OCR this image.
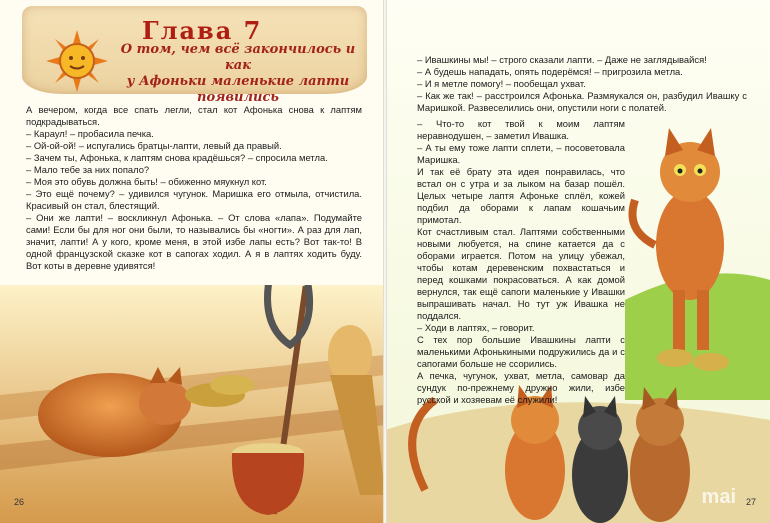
Глава 7
О том, чем всё закончилось и как
у Афоньки маленькие лапти
появились

А вечером, когда все спать легли, стал кот Афонька снова к лаптям подкрадываться.

– Караул! – пробасила печка.

– Ой-ой-ой! – испугались братцы-лапти, левый да правый.

– Зачем ты, Афонька, к лаптям снова крадёшься? – спросила метла.

– Мало тебе за них попало?

– Моя это обувь должна быть! – обиженно мяукнул кот.

– Это ещё почему? – удивился чугунок. Маришка его отмыла, отчистила. Красивый он стал, блестящий.

– Они же лапти! – воскликнул Афонька. – От слова «лапа». Подумайте сами! Если бы для ног они были, то назывались бы «ногти». А раз для лап, значит, лапти! А у кого, кроме меня, в этой избе лапы есть? Вот так-то! В одной французской сказке кот в сапогах ходил. А я в лаптях ходить буду. Вот коты в деревне удивятся!

26

– Ивашкины мы! – строго сказали лапти. – Даже не заглядывайся!

– А будешь нападать, опять подерёмся! – пригрозила метла.

– И я метле помогу! – пообещал ухват.

– Как же так! – расстроился Афонька. Размяукался он, разбудил Ивашку с Маришкой. Развеселились они, опустили ноги с полатей.

– Что-то кот твой к моим лаптям неравнодушен, – заметил Ивашка.

– А ты ему тоже лапти сплети, – посоветовала Маришка.

И так её брату эта идея понравилась, что встал он с утра и за лыком на базар пошёл. Целых четыре лаптя Афоньке сплёл, кожей подбил да оборами к лапам кошачьим примотал.

Кот счастливым стал. Лаптями собственными новыми любуется, на спине катается да с оборами играется. Потом на улицу убежал, чтобы котам деревенским похвастаться и перед кошками покрасоваться. А как домой вернулся, так ещё сапоги маленькие у Ивашки выпрашивать начал. Но тут уж Ивашка не поддался.

– Ходи в лаптях, – говорит.

С тех пор большие Ивашкины лапти с маленькими Афонькиными подружились да и с сапогами больше не ссорились.

А печка, чугунок, ухват, метла, самовар да сундук по-прежнему дружно жили, избе русской и хозяевам её служили!

mai 27
